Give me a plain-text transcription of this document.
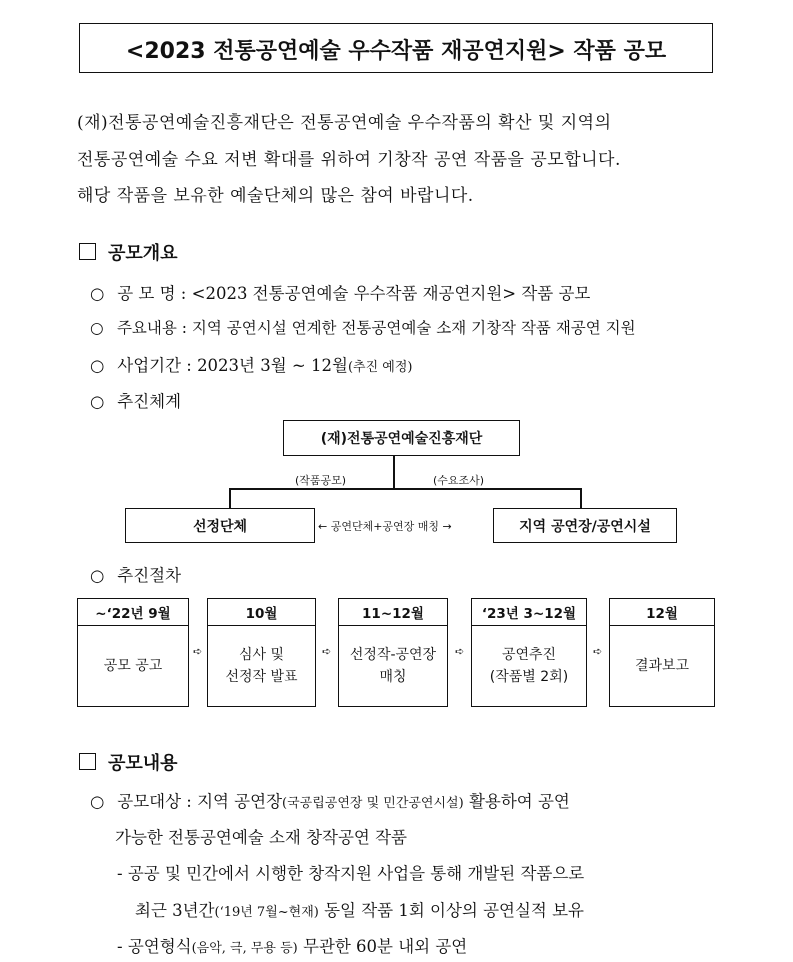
<2023 전통공연예술 우수작품 재공연지원> 작품 공모
(재)전통공연예술진흥재단은 전통공연예술 우수작품의 확산 및 지역의
전통공연예술 수요 저변 확대를 위하여 기창작 공연 작품을 공모합니다.
해당 작품을 보유한 예술단체의 많은 참여 바랍니다.
공모개요
○ 공 모 명 : <2023 전통공연예술 우수작품 재공연지원> 작품 공모
○ 주요내용 : 지역 공연시설 연계한 전통공연예술 소재 기창작 작품 재공연 지원
○ 사업기간 : 2023년 3월 ~ 12월(추진 예정)
○ 추진체계
(재)전통공연예술진흥재단
(작품공모)	(수요조사)
선정단체	지역 공연장/공연시설
← 공연단체+공연장 매칭 →
○ 추진절차
~‘22년 9월
공모 공고
➪
10월
심사 및
선정작 발표
➪
11~12월
선정작-공연장
매칭
➪
‘23년 3~12월
공연추진
(작품별 2회)
➪
12월
결과보고
공모내용
○ 공모대상 : 지역 공연장(국공립공연장 및 민간공연시설) 활용하여 공연
가능한 전통공연예술 소재 창작공연 작품
- 공공 및 민간에서 시행한 창작지원 사업을 통해 개발된 작품으로
최근 3년간(‘19년 7월~현재) 동일 작품 1회 이상의 공연실적 보유
- 공연형식(음악, 극, 무용 등) 무관한 60분 내외 공연
